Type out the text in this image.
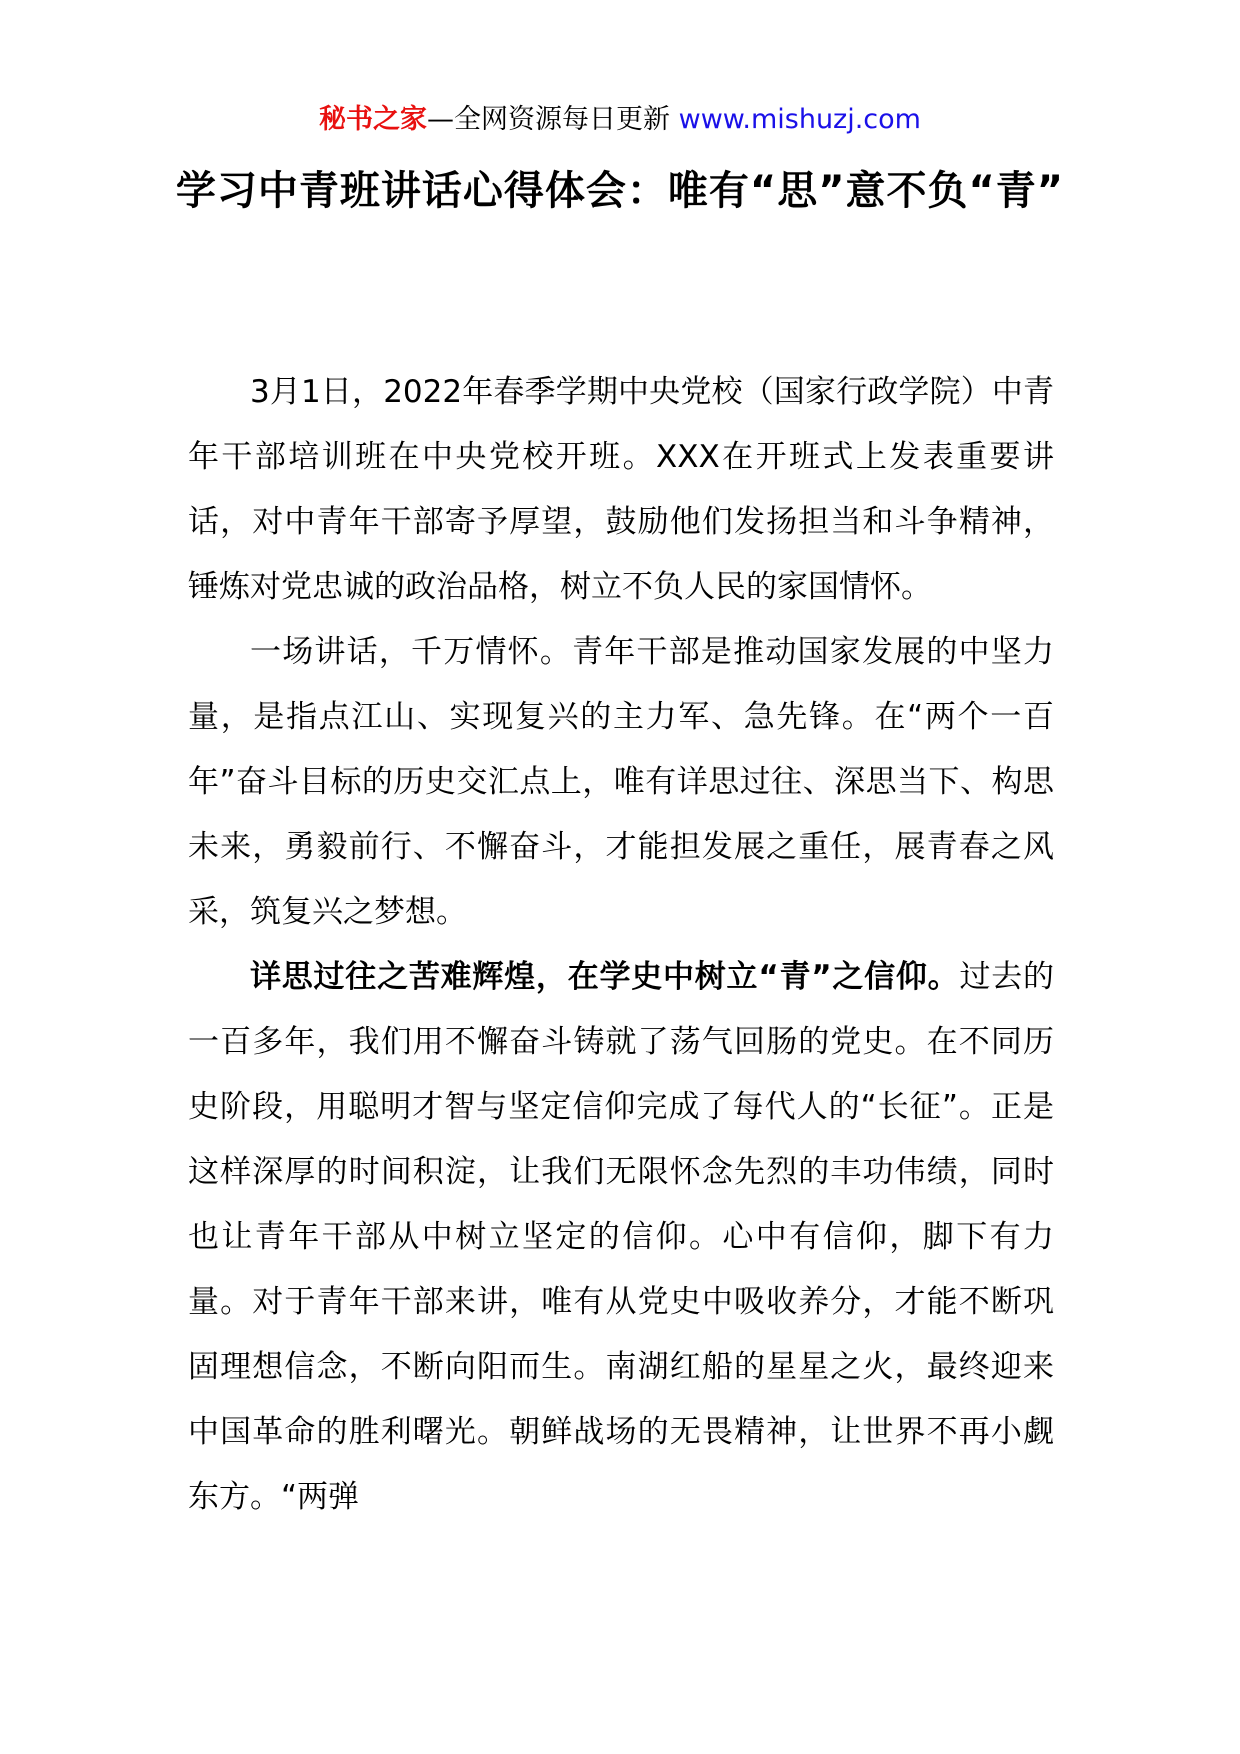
秘书之家—全网资源每日更新 www.mishuzj.com
学习中青班讲话心得体会：唯有“思”意不负“青”

3月1日，2022年春季学期中央党校（国家行政学院）中青年干部培训班在中央党校开班。XXX在开班式上发表重要讲话，对中青年干部寄予厚望，鼓励他们发扬担当和斗争精神，锤炼对党忠诚的政治品格，树立不负人民的家国情怀。

一场讲话，千万情怀。青年干部是推动国家发展的中坚力量，是指点江山、实现复兴的主力军、急先锋。在“两个一百年”奋斗目标的历史交汇点上，唯有详思过往、深思当下、构思未来，勇毅前行、不懈奋斗，才能担发展之重任，展青春之风采，筑复兴之梦想。

详思过往之苦难辉煌，在学史中树立“青”之信仰。过去的一百多年，我们用不懈奋斗铸就了荡气回肠的党史。在不同历史阶段，用聪明才智与坚定信仰完成了每代人的“长征”。正是这样深厚的时间积淀，让我们无限怀念先烈的丰功伟绩，同时也让青年干部从中树立坚定的信仰。心中有信仰，脚下有力量。对于青年干部来讲，唯有从党史中吸收养分，才能不断巩固理想信念，不断向阳而生。南湖红船的星星之火，最终迎来中国革命的胜利曙光。朝鲜战场的无畏精神，让世界不再小觑东方。“两弹
